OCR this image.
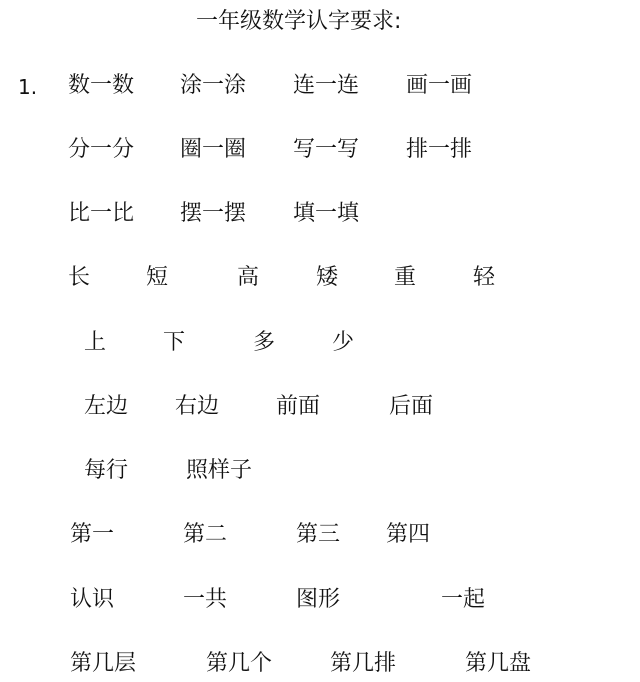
一年级数学认字要求:
1. 数一数 涂一涂 连一连 画一画
分一分 圈一圈 写一写 排一排
比一比 摆一摆 填一填
长	短	高	矮	重	轻
上	下	多	少
左边 右边	前面	后面
每行	照样子
第一	第二	第三 第四
认识	一共	图形	一起
第几层	第几个	第几排	第几盘
